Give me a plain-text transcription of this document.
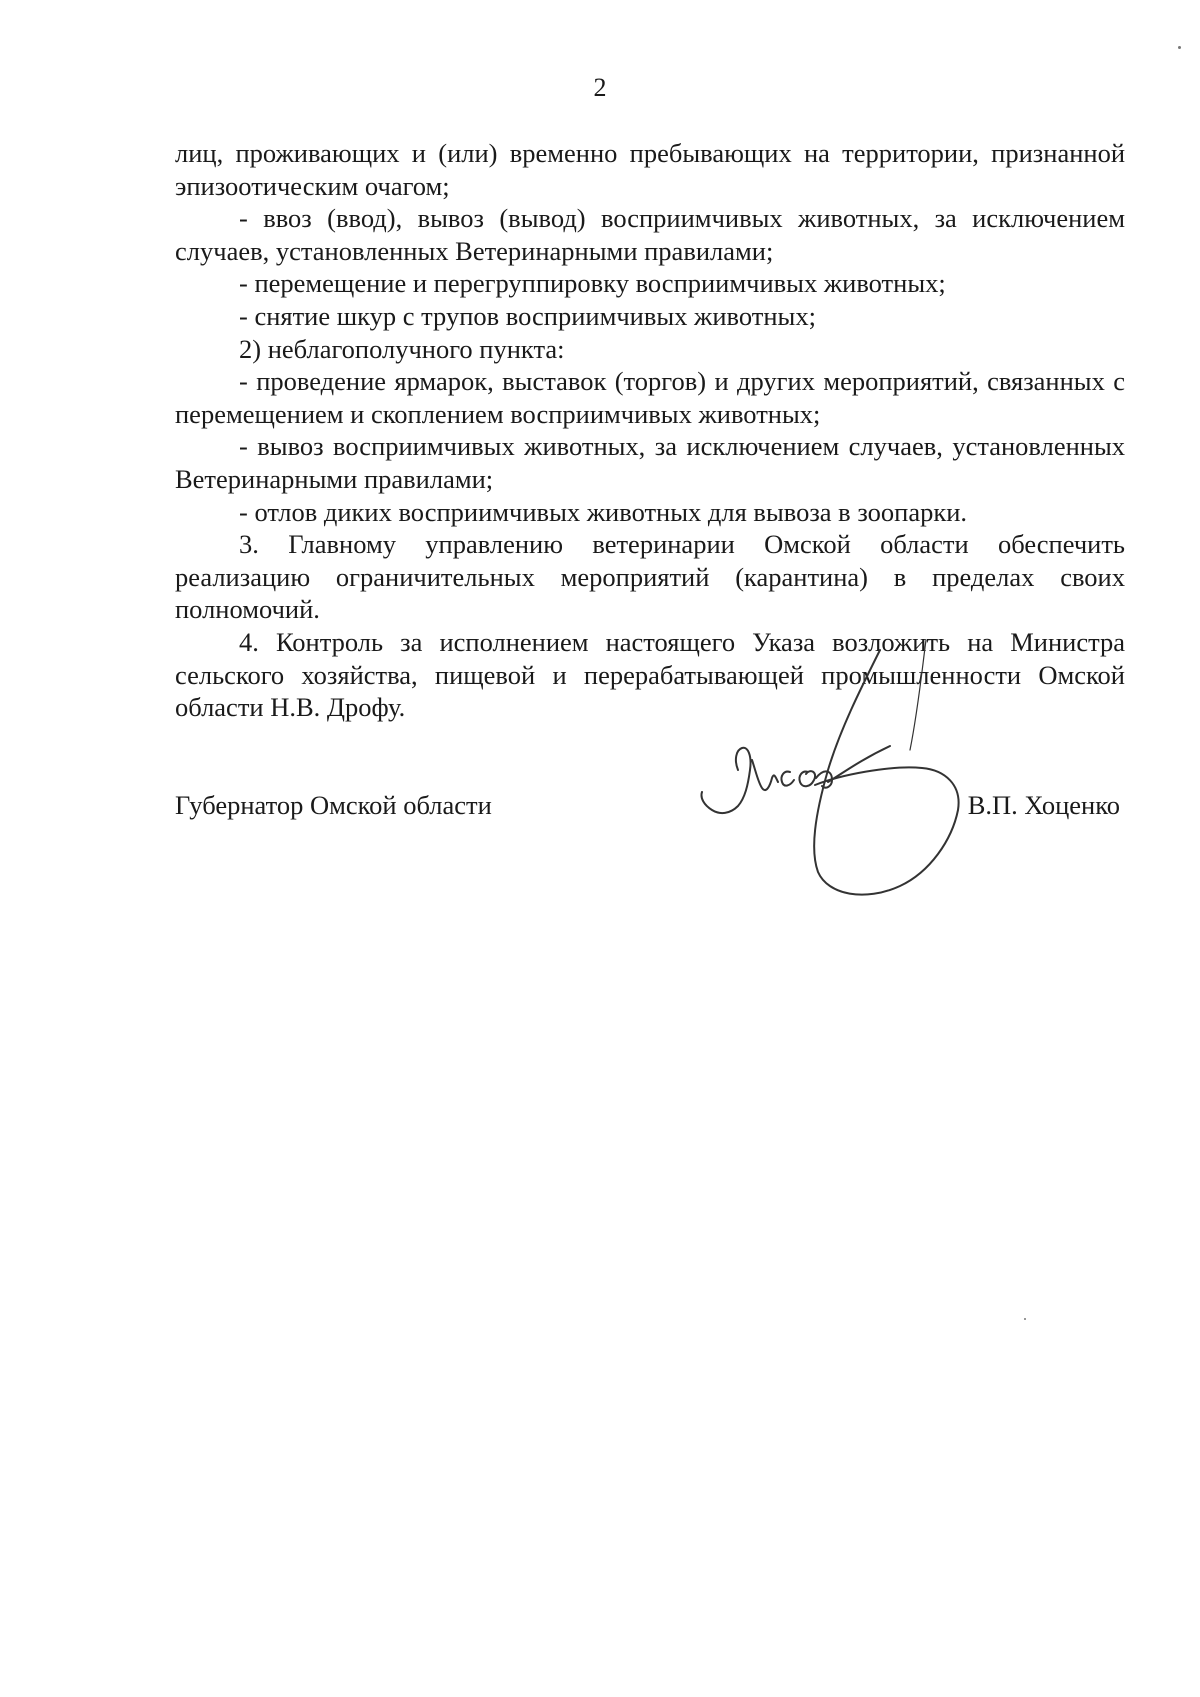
2

лиц, проживающих и (или) временно пребывающих на территории, признанной эпизоотическим очагом;

- ввоз (ввод), вывоз (вывод) восприимчивых животных, за исключением случаев, установленных Ветеринарными правилами;

- перемещение и перегруппировку восприимчивых животных;

- снятие шкур с трупов восприимчивых животных;

2) неблагополучного пункта:

- проведение ярмарок, выставок (торгов) и других мероприятий, связанных с перемещением и скоплением восприимчивых животных;

- вывоз восприимчивых животных, за исключением случаев, установленных Ветеринарными правилами;

- отлов диких восприимчивых животных для вывоза в зоопарки.

3. Главному управлению ветеринарии Омской области обеспечить реализацию ограничительных мероприятий (карантина) в пределах своих полномочий.

4. Контроль за исполнением настоящего Указа возложить на Министра сельского хозяйства, пищевой и перерабатывающей промышленности Омской области Н.В. Дрофу.

Губернатор Омской области	В.П. Хоценко
